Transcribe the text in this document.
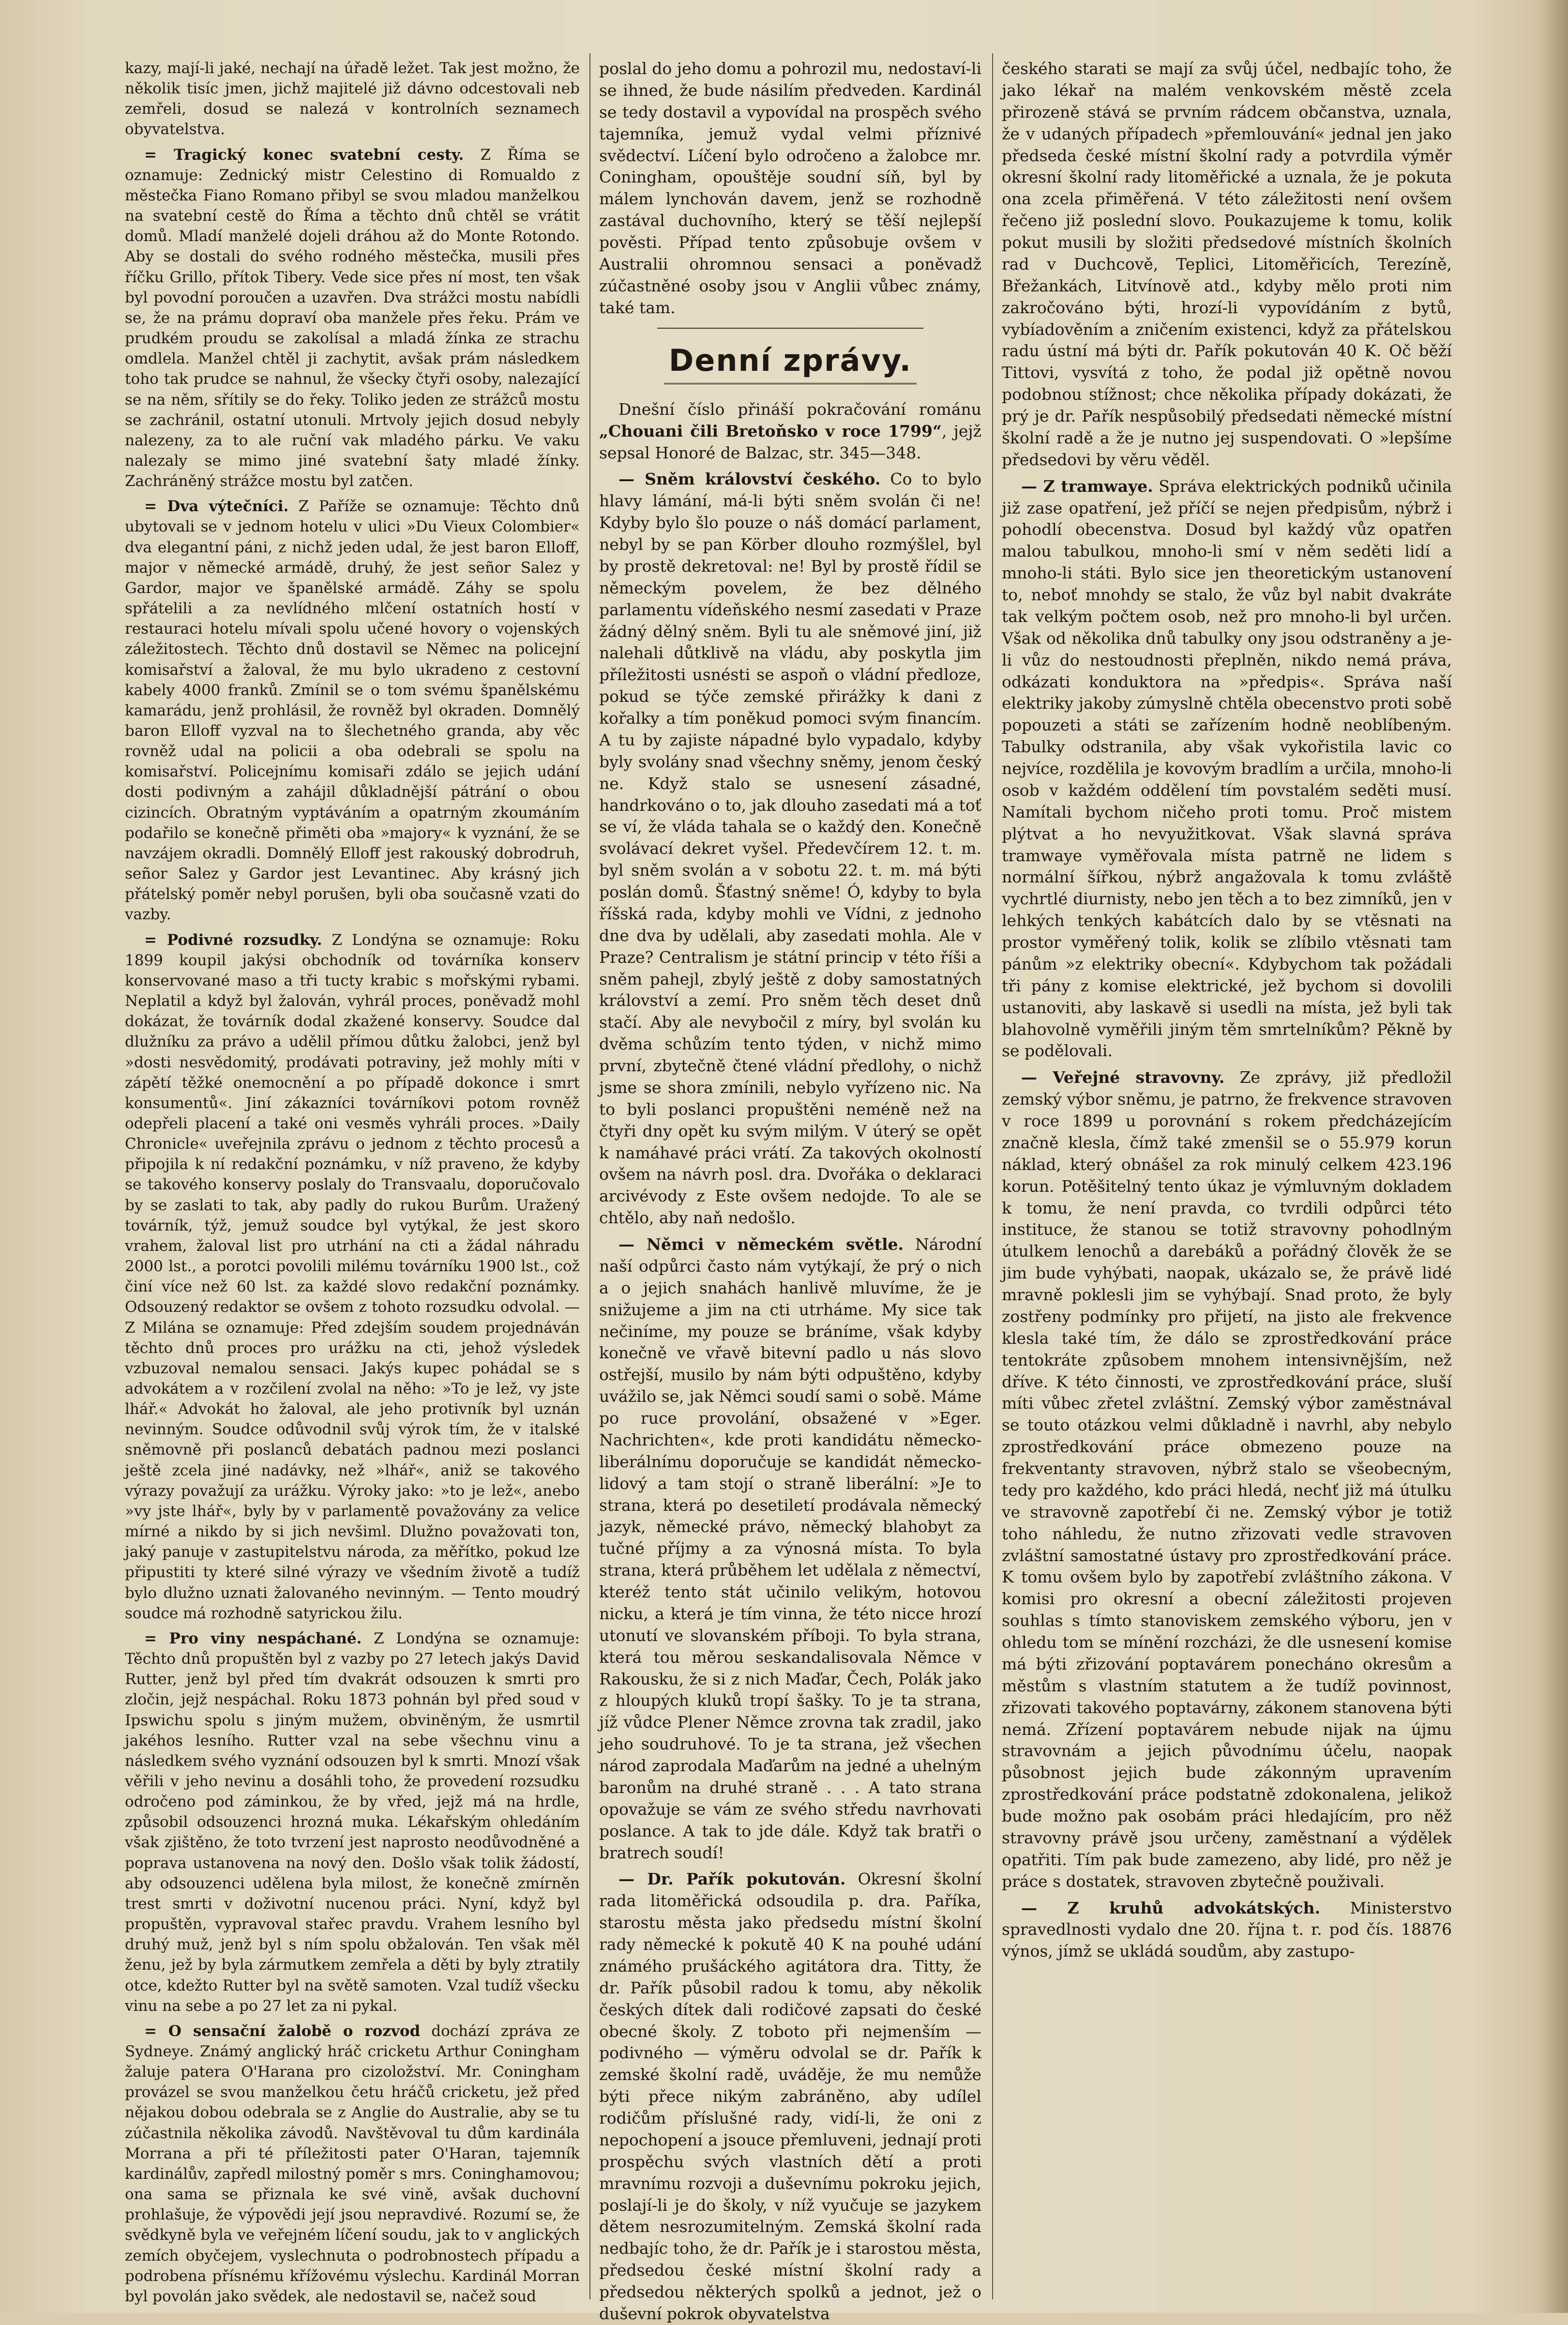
kazy, mají-li jaké, nechají na úřadě ležet. Tak jest možno, že několik tisíc jmen, jichž majitelé již dávno odcestovali neb zemřeli, dosud se nalezá v kontrolních seznamech obyvatelstva.

= Tragický konec svatební cesty. Z Říma se oznamuje: Zednický mistr Celestino di Romualdo z městečka Fiano Romano přibyl se svou mladou manželkou na svatební cestě do Říma a těchto dnů chtěl se vrátit domů. Mladí manželé dojeli dráhou až do Monte Rotondo. Aby se dostali do svého rodného městečka, musili přes říčku Grillo, přítok Tibery. Vede sice přes ní most, ten však byl povodní poroučen a uzavřen. Dva strážci mostu nabídli se, že na prámu dopraví oba manžele přes řeku. Prám ve prudkém proudu se zakolísal a mladá žínka ze strachu omdlela. Manžel chtěl ji zachytit, avšak prám následkem toho tak prudce se nahnul, že všecky čtyři osoby, nalezající se na něm, sřítily se do řeky. Toliko jeden ze strážců mostu se zachránil, ostatní utonuli. Mrtvoly jejich dosud nebyly nalezeny, za to ale ruční vak mladého párku. Ve vaku nalezaly se mimo jiné svatební šaty mladé žínky. Zachráněný strážce mostu byl zatčen.

= Dva výtečníci. Z Paříže se oznamuje: Těchto dnů ubytovali se v jednom hotelu v ulici »Du Vieux Colombier« dva elegantní páni, z nichž jeden udal, že jest baron Elloff, major v německé armádě, druhý, že jest señor Salez y Gardor, major ve španělské armádě. Záhy se spolu spřátelili a za nevlídného mlčení ostatních hostí v restauraci hotelu mívali spolu učené hovory o vojenských záležitostech. Těchto dnů dostavil se Němec na policejní komisařství a žaloval, že mu bylo ukradeno z cestovní kabely 4000 franků. Zmínil se o tom svému španělskému kamarádu, jenž prohlásil, že rovněž byl okraden. Domnělý baron Elloff vyzval na to šlechetného granda, aby věc rovněž udal na policii a oba odebrali se spolu na komisařství. Policejnímu komisaři zdálo se jejich udání dosti podivným a zahájil důkladnější pátrání o obou cizincích. Obratným vyptáváním a opatrným zkoumáním podařilo se konečně přiměti oba »majory« k vyznání, že se navzájem okradli. Domnělý Elloff jest rakouský dobrodruh, señor Salez y Gardor jest Levantinec. Aby krásný jich přátelský poměr nebyl porušen, byli oba současně vzati do vazby.

= Podivné rozsudky. Z Londýna se oznamuje: Roku 1899 koupil jakýsi obchodník od továrníka konserv konservované maso a tři tucty krabic s mořskými rybami. Neplatil a když byl žalován, vyhrál proces, poněvadž mohl dokázat, že továrník dodal zkažené konservy. Soudce dal dlužníku za právo a udělil přímou důtku žalobci, jenž byl »dosti nesvědomitý, prodávati potraviny, jež mohly míti v zápětí těžké onemocnění a po případě dokonce i smrt konsumentů«. Jiní zákazníci továrníkovi potom rovněž odepřeli placení a také oni vesměs vyhráli proces. »Daily Chronicle« uveřejnila zprávu o jednom z těchto procesů a připojila k ní redakční poznámku, v níž praveno, že kdyby se takového konservy poslaly do Transvaalu, doporučovalo by se zaslati to tak, aby padly do rukou Burům. Uražený továrník, týž, jemuž soudce byl vytýkal, že jest skoro vrahem, žaloval list pro utrhání na cti a žádal náhradu 2000 lst., a porotci povolili milému továrníku 1900 lst., což činí více než 60 lst. za každé slovo redakční poznámky. Odsouzený redaktor se ovšem z tohoto rozsudku odvolal. — Z Milána se oznamuje: Před zdejším soudem projednáván těchto dnů proces pro urážku na cti, jehož výsledek vzbuzoval nemalou sensaci. Jakýs kupec pohádal se s advokátem a v rozčilení zvolal na něho: »To je lež, vy jste lhář.« Advokát ho žaloval, ale jeho protivník byl uznán nevinným. Soudce odůvodnil svůj výrok tím, že v italské sněmovně při poslanců debatách padnou mezi poslanci ještě zcela jiné nadávky, než »lhář«, aniž se takového výrazy považují za urážku. Výroky jako: »to je lež«, anebo »vy jste lhář«, byly by v parlamentě považovány za velice mírné a nikdo by si jich nevšiml. Dlužno považovati ton, jaký panuje v zastupitelstvu národa, za měřítko, pokud lze připustiti ty které silné výrazy ve všedním životě a tudíž bylo dlužno uznati žalovaného nevinným. — Tento moudrý soudce má rozhodně satyrickou žilu.

= Pro viny nespáchané. Z Londýna se oznamuje: Těchto dnů propuštěn byl z vazby po 27 letech jakýs David Rutter, jenž byl před tím dvakrát odsouzen k smrti pro zločin, jejž nespáchal. Roku 1873 pohnán byl před soud v Ipswichu spolu s jiným mužem, obviněným, že usmrtil jakéhos lesního. Rutter vzal na sebe všechnu vinu a následkem svého vyznání odsouzen byl k smrti. Mnozí však věřili v jeho nevinu a dosáhli toho, že provedení rozsudku odročeno pod záminkou, že by vřed, jejž má na hrdle, způsobil odsouzenci hrozná muka. Lékařským ohledáním však zjištěno, že toto tvrzení jest naprosto neodůvodněné a poprava ustanovena na nový den. Došlo však tolik žádostí, aby odsouzenci udělena byla milost, že konečně zmírněn trest smrti v doživotní nucenou práci. Nyní, když byl propuštěn, vypravoval stařec pravdu. Vrahem lesního byl druhý muž, jenž byl s ním spolu obžalován. Ten však měl ženu, jež by byla zármutkem zemřela a děti by byly ztratily otce, kdežto Rutter byl na světě samoten. Vzal tudíž všecku vinu na sebe a po 27 let za ni pykal.

= O sensační žalobě o rozvod dochází zpráva ze Sydneye. Známý anglický hráč cricketu Arthur Coningham žaluje patera O'Harana pro cizoložství. Mr. Coningham provázel se svou manželkou četu hráčů cricketu, jež před nějakou dobou odebrala se z Anglie do Australie, aby se tu zúčastnila několika závodů. Navštěvoval tu dům kardinála Morrana a při té příležitosti pater O'Haran, tajemník kardinálův, zapředl milostný poměr s mrs. Coninghamovou; ona sama se přiznala ke své vině, avšak duchovní prohlašuje, že výpovědi její jsou nepravdivé. Rozumí se, že svědkyně byla ve veřejném líčení soudu, jak to v anglických zemích obyčejem, vyslechnuta o podrobnostech případu a podrobena přísnému křížovému výslechu. Kardinál Morran byl povolán jako svědek, ale nedostavil se, načež soud

poslal do jeho domu a pohrozil mu, nedostaví-li se ihned, že bude násilím předveden. Kardinál se tedy dostavil a vypovídal na prospěch svého tajemníka, jemuž vydal velmi příznivé svědectví. Líčení bylo odročeno a žalobce mr. Coningham, opouštěje soudní síň, byl by málem lynchován davem, jenž se rozhodně zastával duchovního, který se těší nejlepší pověsti. Případ tento způsobuje ovšem v Australii ohromnou sensaci a poněvadž zúčastněné osoby jsou v Anglii vůbec známy, také tam.

Denní zprávy.

Dnešní číslo přináší pokračování románu „Chouani čili Bretoňsko v roce 1799“, jejž sepsal Honoré de Balzac, str. 345—348.

— Sněm království českého. Co to bylo hlavy lámání, má-li býti sněm svolán či ne! Kdyby bylo šlo pouze o náš domácí parlament, nebyl by se pan Körber dlouho rozmýšlel, byl by prostě dekretoval: ne! Byl by prostě řídil se německým povelem, že bez dělného parlamentu vídeňského nesmí zasedati v Praze žádný dělný sněm. Byli tu ale sněmové jiní, již nalehali důtklivě na vládu, aby poskytla jim příležitosti usnésti se aspoň o vládní předloze, pokud se týče zemské přirážky k dani z kořalky a tím poněkud pomoci svým financím. A tu by zajiste nápadné bylo vypadalo, kdyby byly svolány snad všechny sněmy, jenom český ne. Když stalo se usnesení zásadné, handrkováno o to, jak dlouho zasedati má a toť se ví, že vláda tahala se o každý den. Konečně svolávací dekret vyšel. Předevčírem 12. t. m. byl sněm svolán a v sobotu 22. t. m. má býti poslán domů. Šťastný sněme! Ó, kdyby to byla říšská rada, kdyby mohli ve Vídni, z jednoho dne dva by udělali, aby zasedati mohla. Ale v Praze? Centralism je státní princip v této říši a sněm pahejl, zbylý ještě z doby samostatných království a zemí. Pro sněm těch deset dnů stačí. Aby ale nevybočil z míry, byl svolán ku dvěma schůzím tento týden, v nichž mimo první, zbytečně čtené vládní předlohy, o nichž jsme se shora zmínili, nebylo vyřízeno nic. Na to byli poslanci propuštěni neméně než na čtyři dny opět ku svým milým. V úterý se opět k namáhavé práci vrátí. Za takových okolností ovšem na návrh posl. dra. Dvořáka o deklaraci arcivévody z Este ovšem nedojde. To ale se chtělo, aby naň nedošlo.

— Němci v německém světle. Národní naší odpůrci často nám vytýkají, že prý o nich a o jejich snahách hanlivě mluvíme, že je snižujeme a jim na cti utrháme. My sice tak nečiníme, my pouze se bráníme, však kdyby konečně ve vřavě bitevní padlo u nás slovo ostřejší, musilo by nám býti odpuštěno, kdyby uvážilo se, jak Němci soudí sami o sobě. Máme po ruce provolání, obsažené v »Eger. Nachrichten«, kde proti kandidátu německo-liberálnímu doporučuje se kandidát německo-lidový a tam stojí o straně liberální: »Je to strana, která po desetiletí prodávala německý jazyk, německé právo, německý blahobyt za tučné příjmy a za výnosná místa. To byla strana, která průběhem let udělala z němectví, kteréž tento stát učinilo velikým, hotovou nicku, a která je tím vinna, že této nicce hrozí utonutí ve slovanském příboji. To byla strana, která tou měrou seskandalisovala Němce v Rakousku, že si z nich Maďar, Čech, Polák jako z hloupých kluků tropí šašky. To je ta strana, jíž vůdce Plener Němce zrovna tak zradil, jako jeho soudruhové. To je ta strana, jež všechen národ zaprodala Maďarům na jedné a uhelným baronům na druhé straně . . . A tato strana opovažuje se vám ze svého středu navrhovati poslance. A tak to jde dále. Když tak bratři o bratrech soudí!

— Dr. Pařík pokutován. Okresní školní rada litoměřická odsoudila p. dra. Paříka, starostu města jako předsedu místní školní rady německé k pokutě 40 K na pouhé udání známého prušáckého agitátora dra. Titty, že dr. Pařík působil radou k tomu, aby několik českých dítek dali rodičové zapsati do české obecné školy. Z toboto při nejmenším — podivného — výměru odvolal se dr. Pařík k zemské školní radě, uváděje, že mu nemůže býti přece nikým zabráněno, aby udílel rodičům příslušné rady, vidí-li, že oni z nepochopení a jsouce přemluveni, jednají proti prospěchu svých vlastních dětí a proti mravnímu rozvoji a duševnímu pokroku jejich, poslají-li je do školy, v níž vyučuje se jazykem dětem nesrozumitelným. Zemská školní rada nedbajíc toho, že dr. Pařík je i starostou města, předsedou české místní školní rady a předsedou některých spolků a jednot, jež o duševní pokrok obyvatelstva

českého starati se mají za svůj účel, nedbajíc toho, že jako lékař na malém venkovském městě zcela přirozeně stává se prvním rádcem občanstva, uznala, že v udaných případech »přemlouvání« jednal jen jako předseda české místní školní rady a potvrdila výměr okresní školní rady litoměřické a uznala, že je pokuta ona zcela přiměřená. V této záležitosti není ovšem řečeno již poslední slovo. Poukazujeme k tomu, kolik pokut musili by složiti předsedové místních školních rad v Duchcově, Teplici, Litoměřicích, Terezíně, Břežankách, Litvínově atd., kdyby mělo proti nim zakročováno býti, hrozí-li vypovídáním z bytů, vybíadověním a zničením existenci, když za přátelskou radu ústní má býti dr. Pařík pokutován 40 K. Oč běží Tittovi, vysvítá z toho, že podal již opětně novou podobnou stížnost; chce několika případy dokázati, že prý je dr. Pařík nespůsobilý předsedati německé místní školní radě a že je nutno jej suspendovati. O »lepšíme předsedovi by věru věděl.

— Z tramwaye. Správa elektrických podniků učinila již zase opatření, jež příčí se nejen předpisům, nýbrž i pohodlí obecenstva. Dosud byl každý vůz opatřen malou tabulkou, mnoho-li smí v něm seděti lidí a mnoho-li státi. Bylo sice jen theoretickým ustanovení to, neboť mnohdy se stalo, že vůz byl nabit dvakráte tak velkým počtem osob, než pro mnoho-li byl určen. Však od několika dnů tabulky ony jsou odstraněny a je-li vůz do nestoudnosti přeplněn, nikdo nemá práva, odkázati konduktora na »předpis«. Správa naší elektriky jakoby zúmyslně chtěla obecenstvo proti sobě popouzeti a státi se zařízením hodně neoblíbeným. Tabulky odstranila, aby však vykořistila lavic co nejvíce, rozdělila je kovovým bradlím a určila, mnoho-li osob v každém oddělení tím povstalém seděti musí. Namítali bychom ničeho proti tomu. Proč mistem plýtvat a ho nevyužitkovat. Však slavná správa tramwaye vyměřovala místa patrně ne lidem s normální šířkou, nýbrž angažovala k tomu zvláště vychrtlé diurnisty, nebo jen těch a to bez zimníků, jen v lehkých tenkých kabátcích dalo by se vtěsnati na prostor vyměřený tolik, kolik se zlíbilo vtěsnati tam pánům »z elektriky obecní«. Kdybychom tak požádali tři pány z komise elektrické, jež bychom si dovolili ustanoviti, aby laskavě si usedli na místa, jež byli tak blahovolně vyměřili jiným těm smrtelníkům? Pěkně by se podělovali.

— Veřejné stravovny. Ze zprávy, již předložil zemský výbor sněmu, je patrno, že frekvence stravoven v roce 1899 u porovnání s rokem předcházejícím značně klesla, čímž také zmenšil se o 55.979 korun náklad, který obnášel za rok minulý celkem 423.196 korun. Potěšitelný tento úkaz je výmluvným dokladem k tomu, že není pravda, co tvrdili odpůrci této instituce, že stanou se totiž stravovny pohodlným útulkem lenochů a darebáků a pořádný člověk že se jim bude vyhýbati, naopak, ukázalo se, že právě lidé mravně poklesli jim se vyhýbají. Snad proto, že byly zostřeny podmínky pro přijetí, na jisto ale frekvence klesla také tím, že dálo se zprostředkování práce tentokráte způsobem mnohem intensivnějším, než dříve. K této činnosti, ve zprostředkování práce, sluší míti vůbec zřetel zvláštní. Zemský výbor zaměstnával se touto otázkou velmi důkladně i navrhl, aby nebylo zprostředkování práce obmezeno pouze na frekventanty stravoven, nýbrž stalo se všeobecným, tedy pro každého, kdo práci hledá, nechť již má útulku ve stravovně zapotřebí či ne. Zemský výbor je totiž toho náhledu, že nutno zřizovati vedle stravoven zvláštní samostatné ústavy pro zprostředkování práce. K tomu ovšem bylo by zapotřebí zvláštního zákona. V komisi pro okresní a obecní záležitosti projeven souhlas s tímto stanoviskem zemského výboru, jen v ohledu tom se mínění rozcházi, že dle usnesení komise má býti zřizování poptavárem ponecháno okresům a městům s vlastním statutem a že tudíž povinnost, zřizovati takového poptavárny, zákonem stanovena býti nemá. Zřízení poptavárem nebude nijak na újmu stravovnám a jejich původnímu účelu, naopak působnost jejich bude zákonným upravením zprostředkování práce podstatně zdokonalena, jelikož bude možno pak osobám práci hledajícím, pro něž stravovny právě jsou určeny, zaměstnaní a výdělek opatřiti. Tím pak bude zamezeno, aby lidé, pro něž je práce s dostatek, stravoven zbytečně použivali.

— Z kruhů advokátských. Ministerstvo spravedlnosti vydalo dne 20. října t. r. pod čís. 18876 výnos, jímž se ukládá soudům, aby zastupo-
